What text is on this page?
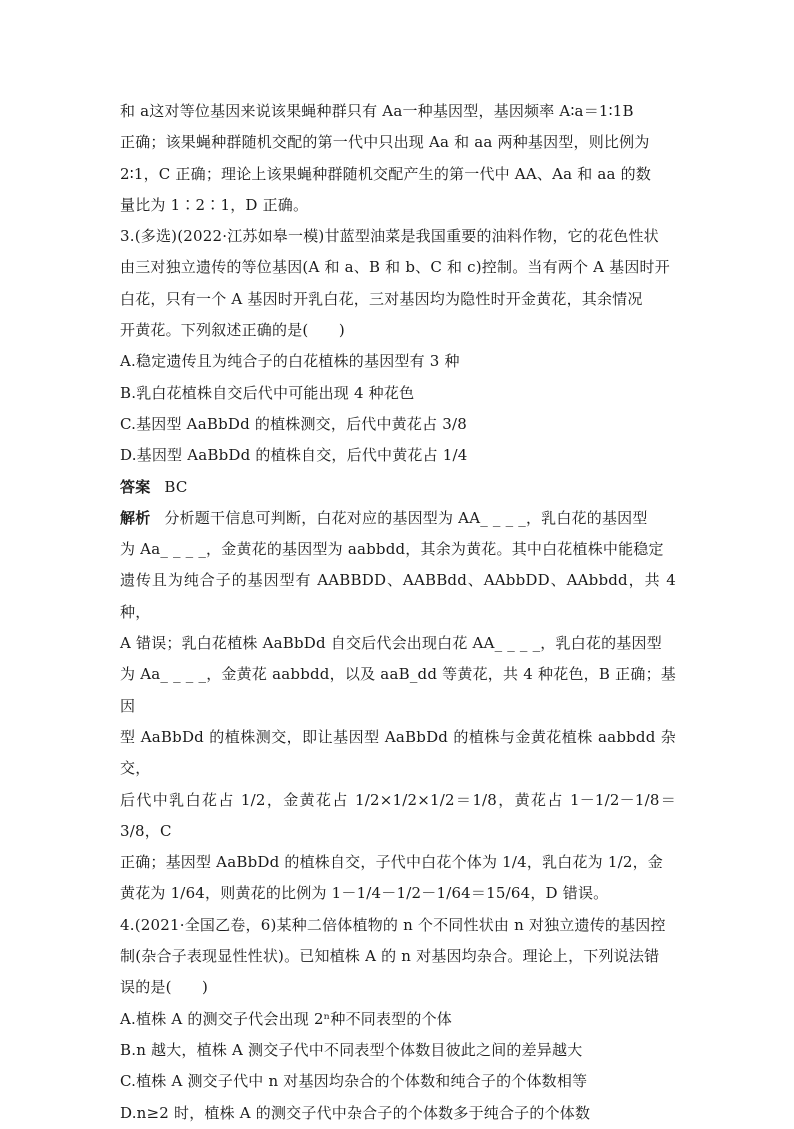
和 a这对等位基因来说该果蝇种群只有 Aa一种基因型，基因频率 A∶a＝1∶1B

正确；该果蝇种群随机交配的第一代中只出现 Aa 和 aa 两种基因型，则比例为

2∶1，C 正确；理论上该果蝇种群随机交配产生的第一代中 AA、Aa 和 aa 的数

量比为 1∶2∶1，D 正确。

3.(多选)(2022·江苏如皋一模)甘蓝型油菜是我国重要的油料作物，它的花色性状

由三对独立遗传的等位基因(A 和 a、B 和 b、C 和 c)控制。当有两个 A 基因时开

白花，只有一个 A 基因时开乳白花，三对基因均为隐性时开金黄花，其余情况

开黄花。下列叙述正确的是(　　)

A.稳定遗传且为纯合子的白花植株的基因型有 3 种

B.乳白花植株自交后代中可能出现 4 种花色

C.基因型 AaBbDd 的植株测交，后代中黄花占 3/8

D.基因型 AaBbDd 的植株自交，后代中黄花占 1/4

答案 BC

解析 分析题干信息可判断，白花对应的基因型为 AA_ _ _ _，乳白花的基因型

为 Aa_ _ _ _，金黄花的基因型为 aabbdd，其余为黄花。其中白花植株中能稳定

遗传且为纯合子的基因型有 AABBDD、AABBdd、AAbbDD、AAbbdd，共 4 种，

A 错误；乳白花植株 AaBbDd 自交后代会出现白花 AA_ _ _ _，乳白花的基因型

为 Aa_ _ _ _，金黄花 aabbdd，以及 aaB_dd 等黄花，共 4 种花色，B 正确；基因

型 AaBbDd 的植株测交，即让基因型 AaBbDd 的植株与金黄花植株 aabbdd 杂交，

后代中乳白花占 1/2，金黄花占 1/2×1/2×1/2＝1/8，黄花占 1－1/2－1/8＝3/8，C

正确；基因型 AaBbDd 的植株自交，子代中白花个体为 1/4，乳白花为 1/2，金

黄花为 1/64，则黄花的比例为 1－1/4－1/2－1/64＝15/64，D 错误。

4.(2021·全国乙卷，6)某种二倍体植物的 n 个不同性状由 n 对独立遗传的基因控

制(杂合子表现显性性状)。已知植株 A 的 n 对基因均杂合。理论上，下列说法错

误的是(　　)

A.植株 A 的测交子代会出现 2ⁿ种不同表型的个体

B.n 越大，植株 A 测交子代中不同表型个体数目彼此之间的差异越大

C.植株 A 测交子代中 n 对基因均杂合的个体数和纯合子的个体数相等

D.n≥2 时，植株 A 的测交子代中杂合子的个体数多于纯合子的个体数
